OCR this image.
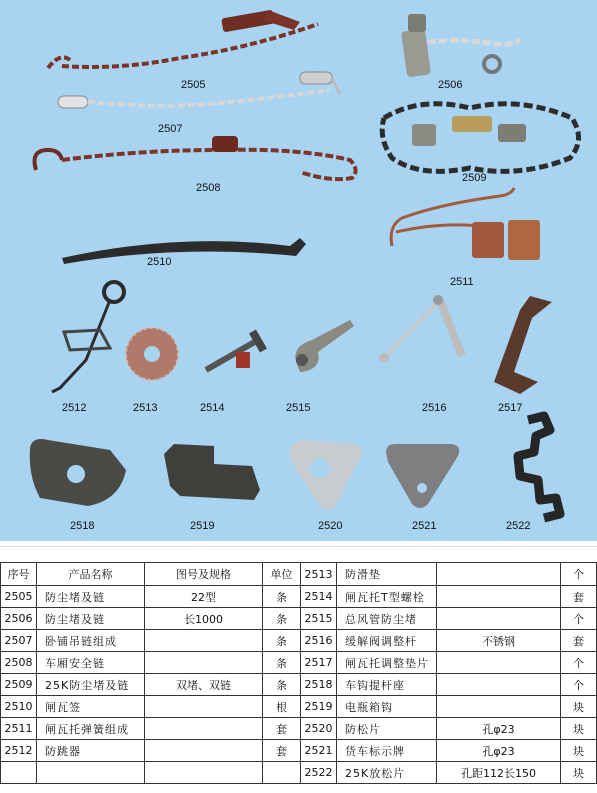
2505	2506
2507
2508
2509
2510
2511
2512	2513	2514	2515	2516	2517
2518	2519	2520	2521	2522
序号	产品名称	图号及规格	单位	2513	防滑垫		个
2505	防尘堵及链	22型	条	2514	闸瓦托T型螺栓		套
2506	防尘堵及链	长1000	条	2515	总风管防尘堵		个
2507	卧铺吊链组成		条	2516	缓解阀调整杆	不锈钢	套
2508	车厢安全链		条	2517	闸瓦托调整垫片		个
2509	25K防尘堵及链	双堵、双链	条	2518	车钩提杆座		个
2510	闸瓦签		根	2519	电瓶箱钩		块
2511	闸瓦托弹簧组成		套	2520	防松片	孔φ23	块
2512	防跳器		套	2521	货车标示牌	孔φ23	块
				2522	25K放松片	孔距112长150	块
